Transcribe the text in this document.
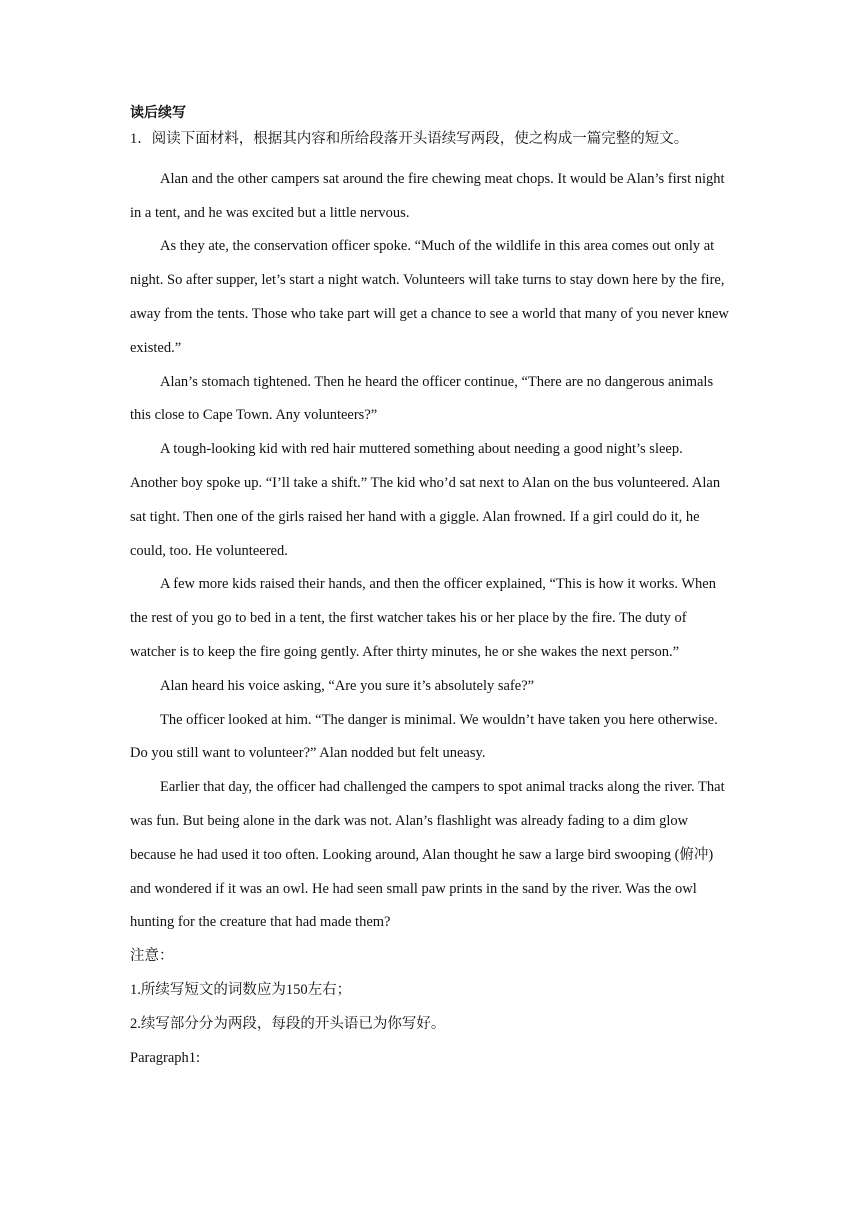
读后续写

1．阅读下面材料，根据其内容和所给段落开头语续写两段，使之构成一篇完整的短文。

Alan and the other campers sat around the fire chewing meat chops. It would be Alan’s first night in a tent, and he was excited but a little nervous.

As they ate, the conservation officer spoke. “Much of the wildlife in this area comes out only at night. So after supper, let’s start a night watch. Volunteers will take turns to stay down here by the fire, away from the tents. Those who take part will get a chance to see a world that many of you never knew existed.”

Alan’s stomach tightened. Then he heard the officer continue, “There are no dangerous animals this close to Cape Town. Any volunteers?”

A tough-looking kid with red hair muttered something about needing a good night’s sleep. Another boy spoke up. “I’ll take a shift.” The kid who’d sat next to Alan on the bus volunteered. Alan sat tight. Then one of the girls raised her hand with a giggle. Alan frowned. If a girl could do it, he could, too. He volunteered.

A few more kids raised their hands, and then the officer explained, “This is how it works. When the rest of you go to bed in a tent, the first watcher takes his or her place by the fire. The duty of watcher is to keep the fire going gently. After thirty minutes, he or she wakes the next person.”

Alan heard his voice asking, “Are you sure it’s absolutely safe?”

The officer looked at him. “The danger is minimal. We wouldn’t have taken you here otherwise. Do you still want to volunteer?” Alan nodded but felt uneasy.

Earlier that day, the officer had challenged the campers to spot animal tracks along the river. That was fun. But being alone in the dark was not. Alan’s flashlight was already fading to a dim glow because he had used it too often. Looking around, Alan thought he saw a large bird swooping (俯冲) and wondered if it was an owl. He had seen small paw prints in the sand by the river. Was the owl hunting for the creature that had made them?

注意：

1.所续写短文的词数应为150左右；

2.续写部分分为两段，每段的开头语已为你写好。

Paragraph1:
